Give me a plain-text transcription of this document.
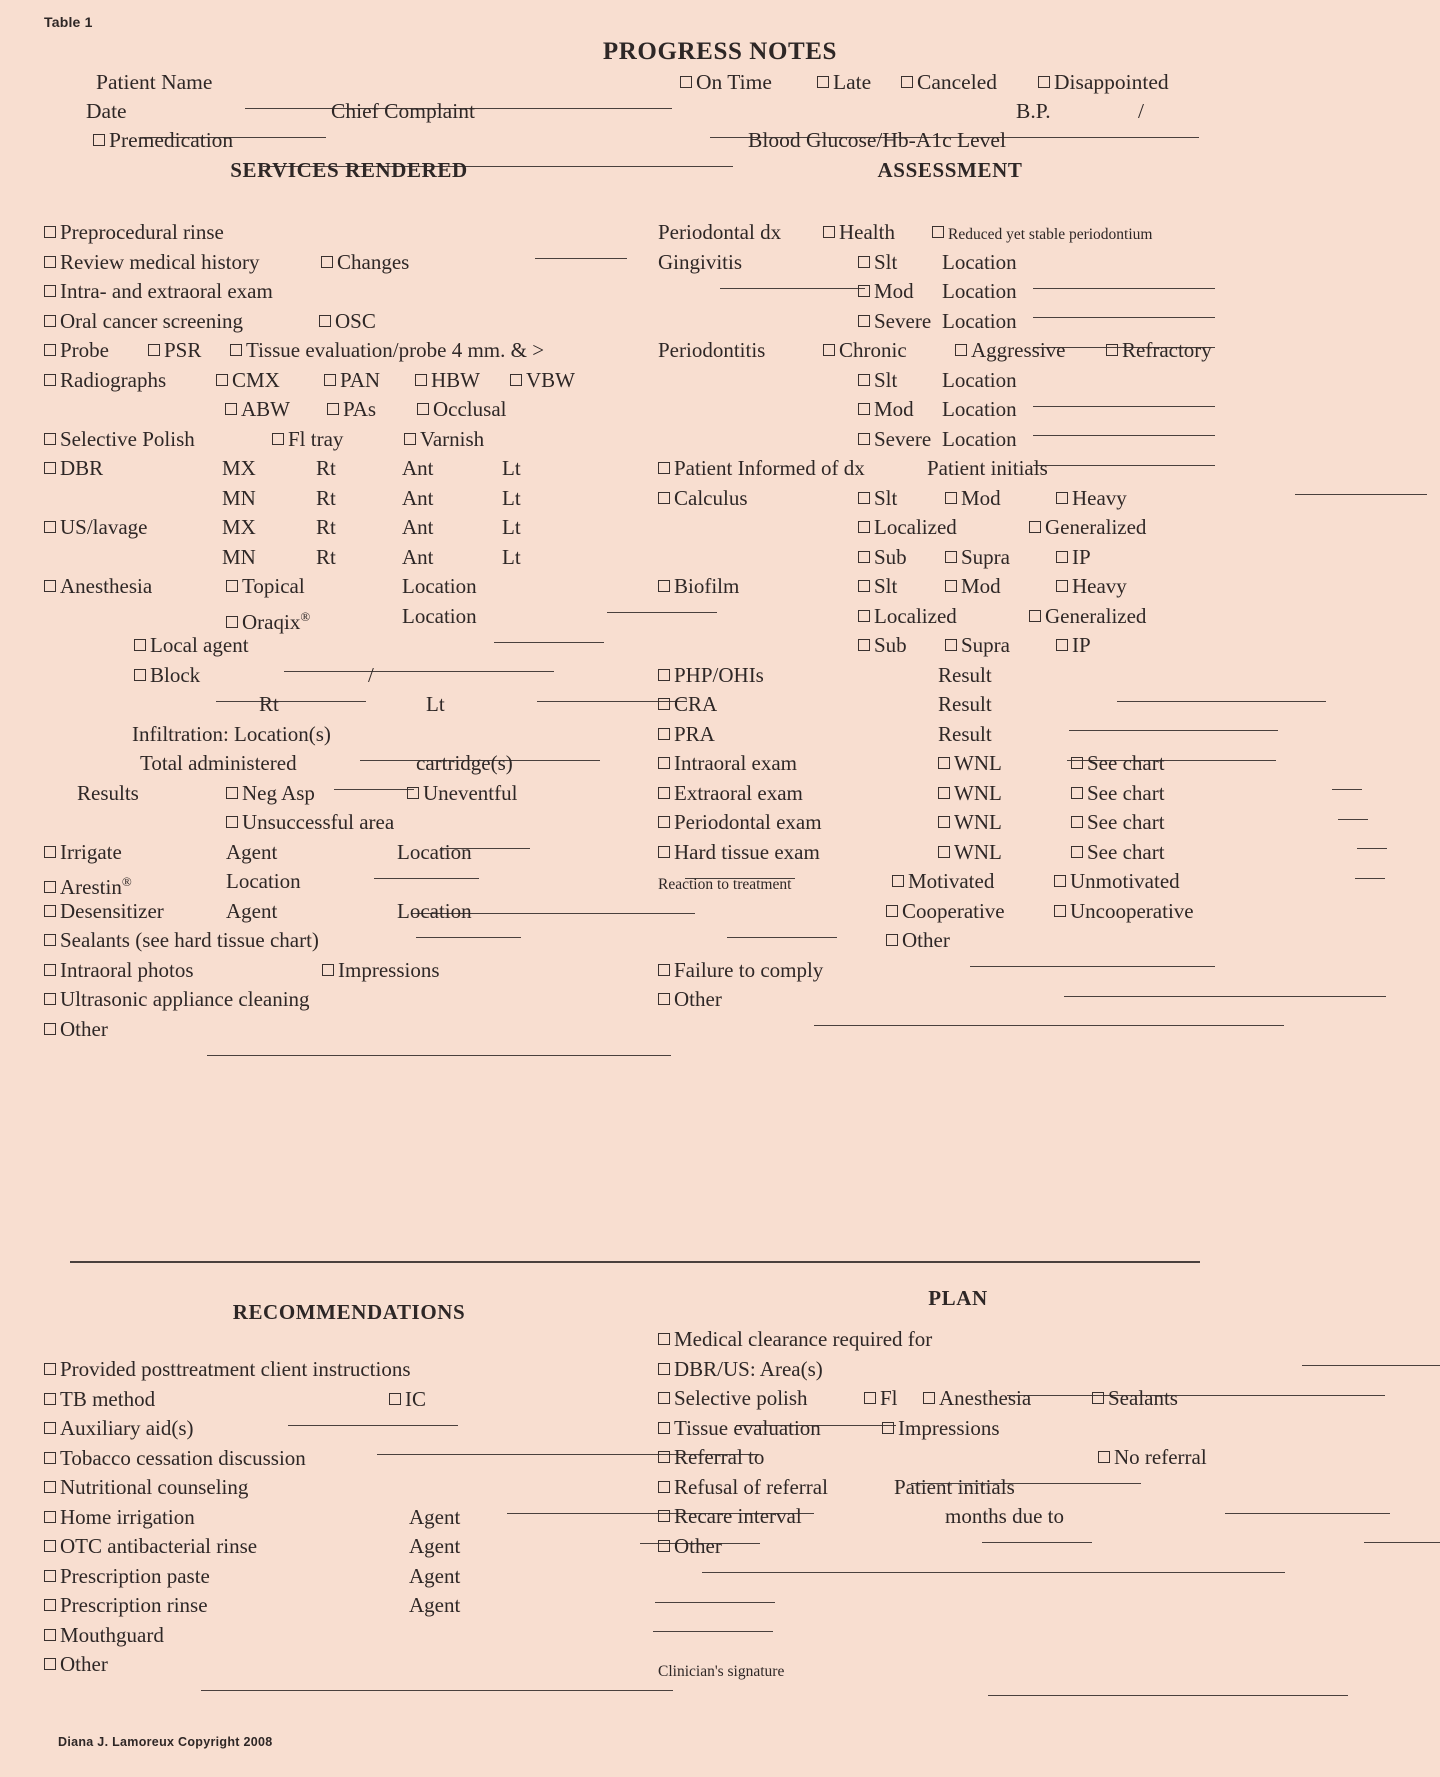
Table 1
PROGRESS NOTES
Patient Name	On Time	Late	Canceled	Disappointed
Date
	Chief Complaint
	B.P.
	/
Premedication
	Blood Glucose/Hb-A1c Level
SERVICES RENDERED	ASSESSMENT
Preprocedural rinse
Review medical history	Changes
Intra- and extraoral exam
Oral cancer screening	OSC
Probe	PSR	Tissue evaluation/probe 4 mm. & >
Radiographs	CMX	PAN	HBW	VBW
ABW	PAs	Occlusal
Selective Polish	Fl tray	Varnish
DBR	MX	Rt	Ant	Lt
MN	Rt	Ant	Lt
US/lavage	MX	Rt	Ant	Lt
MN	Rt	Ant	Lt
Anesthesia	Topical	Location
Oraqix®	Location
Local agent
Block
	/
Rt	Lt
Infiltration: Location(s)
Total administered	cartridge(s)
Results	Neg Asp	Uneventful
Unsuccessful area
Irrigate	Agent
	Location
Arestin®	Location
Desensitizer	Agent
	Location
Sealants (see hard tissue chart)
Intraoral photos	Impressions
Ultrasonic appliance cleaning
Other
Periodontal dx	Health	Reduced yet stable periodontium
Gingivitis	Slt Location
Mod Location
Severe Location
Periodontitis	Chronic	Aggressive	Refractory
Slt Location
Mod Location
Severe Location
Patient Informed of dx	Patient initials
Calculus	Slt	Mod	Heavy
Localized	Generalized
Sub	Supra	IP
Biofilm	Slt	Mod	Heavy
Localized	Generalized
Sub	Supra	IP
PHP/OHIs	Result
CRA	Result
PRA	Result
Intraoral exam	WNL	See chart
Extraoral exam	WNL	See chart
Periodontal exam	WNL	See chart
Hard tissue exam	WNL	See chart
Reaction to treatment	Motivated	Unmotivated
Cooperative	Uncooperative
Other
Failure to comply
Other
RECOMMENDATIONS
PLAN
Provided posttreatment client instructions
TB method	IC
Auxiliary aid(s)
Tobacco cessation discussion
Nutritional counseling
Home irrigation	Agent
OTC antibacterial rinse	Agent
Prescription paste	Agent
Prescription rinse	Agent
Mouthguard
Other
Medical clearance required for
DBR/US: Area(s)
Selective polish	Fl	Anesthesia	Sealants
Tissue evaluation	Impressions
Referral to	No referral
Refusal of referral	Patient initials
Recare interval	months due to
Other
Clinician's signature
Diana J. Lamoreux Copyright 2008
